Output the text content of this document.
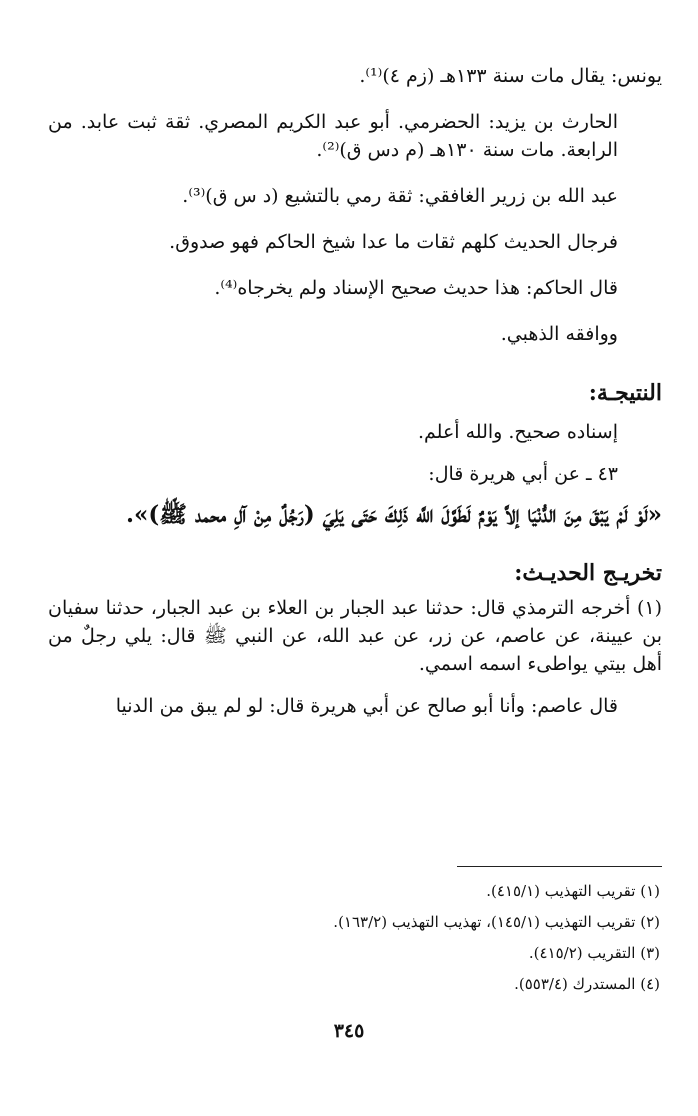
يونس: يقال مات سنة ١٣٣هـ (زم ٤)⁽¹⁾.

الحارث بن يزيد: الحضرمي. أبو عبد الكريم المصري. ثقة ثبت عابد. من الرابعة. مات سنة ١٣٠هـ (م دس ق)⁽²⁾.

عبد الله بن زرير الغافقي: ثقة رمي بالتشيع (د س ق)⁽³⁾.

فرجال الحديث كلهم ثقات ما عدا شيخ الحاكم فهو صدوق.

قال الحاكم: هذا حديث صحيح الإسناد ولم يخرجاه⁽⁴⁾.

ووافقه الذهبي.

النتيجـة:

إسناده صحيح. والله أعلم.

٤٣ ـ عن أبي هريرة قال:

«لَوْ لَمْ يَبْقَ مِنَ الدُّنْيَا إلاَّ يَوْمٌ لَطَوَّلَ اللَّه ذَلِكَ حَتَى يَلِيَ (رَجُلٌ مِنْ آلِ محمد ﷺ)».

تخريـج الحديـث:

(١) أخرجه الترمذي قال: حدثنا عبد الجبار بن العلاء بن عبد الجبار، حدثنا سفيان بن عيينة، عن عاصم، عن زر، عن عبد الله، عن النبي ﷺ قال: يلي رجلٌ من أهل بيتي يواطىء اسمه اسمي.

قال عاصم: وأنا أبو صالح عن أبي هريرة قال: لو لم يبق من الدنيا

(١) تقريب التهذيب (٤١٥/١).

(٢) تقريب التهذيب (١٤٥/١)، تهذيب التهذيب (١٦٣/٢).

(٣) التقريب (٤١٥/٢).

(٤) المستدرك (٥٥٣/٤).

٣٤٥
